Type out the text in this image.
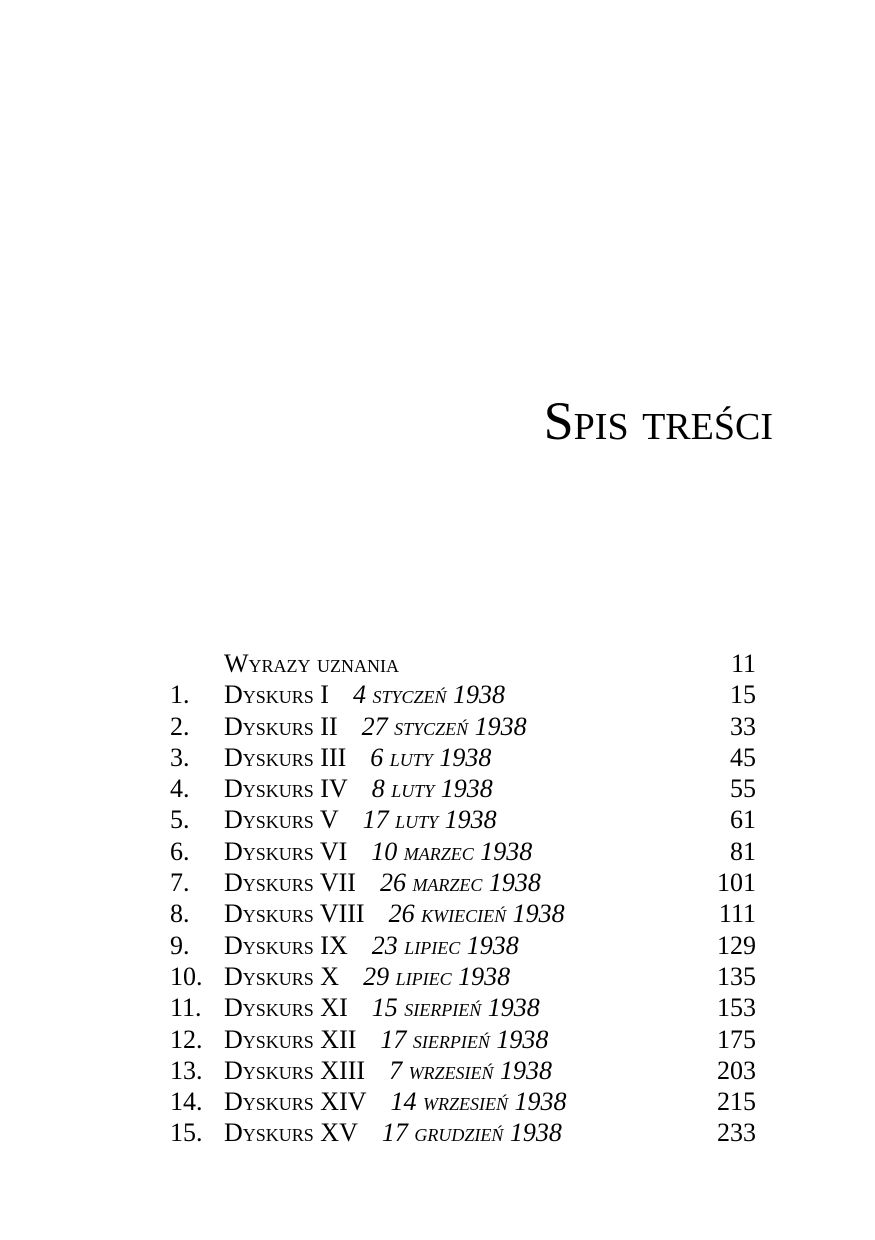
Spis treści
Wyrazy uznania	11
1. Dyskurs I 4 styczeń 1938	15
2. Dyskurs II 27 styczeń 1938	33
3. Dyskurs III 6 luty 1938	45
4. Dyskurs IV 8 luty 1938	55
5. Dyskurs V 17 luty 1938	61
6. Dyskurs VI 10 marzec 1938	81
7. Dyskurs VII 26 marzec 1938	101
8. Dyskurs VIII 26 kwiecień 1938	111
9. Dyskurs IX 23 lipiec 1938	129
10. Dyskurs X 29 lipiec 1938	135
11. Dyskurs XI 15 sierpień 1938	153
12. Dyskurs XII 17 sierpień 1938	175
13. Dyskurs XIII 7 wrzesień 1938	203
14. Dyskurs XIV 14 wrzesień 1938	215
15. Dyskurs XV 17 grudzień 1938	233
